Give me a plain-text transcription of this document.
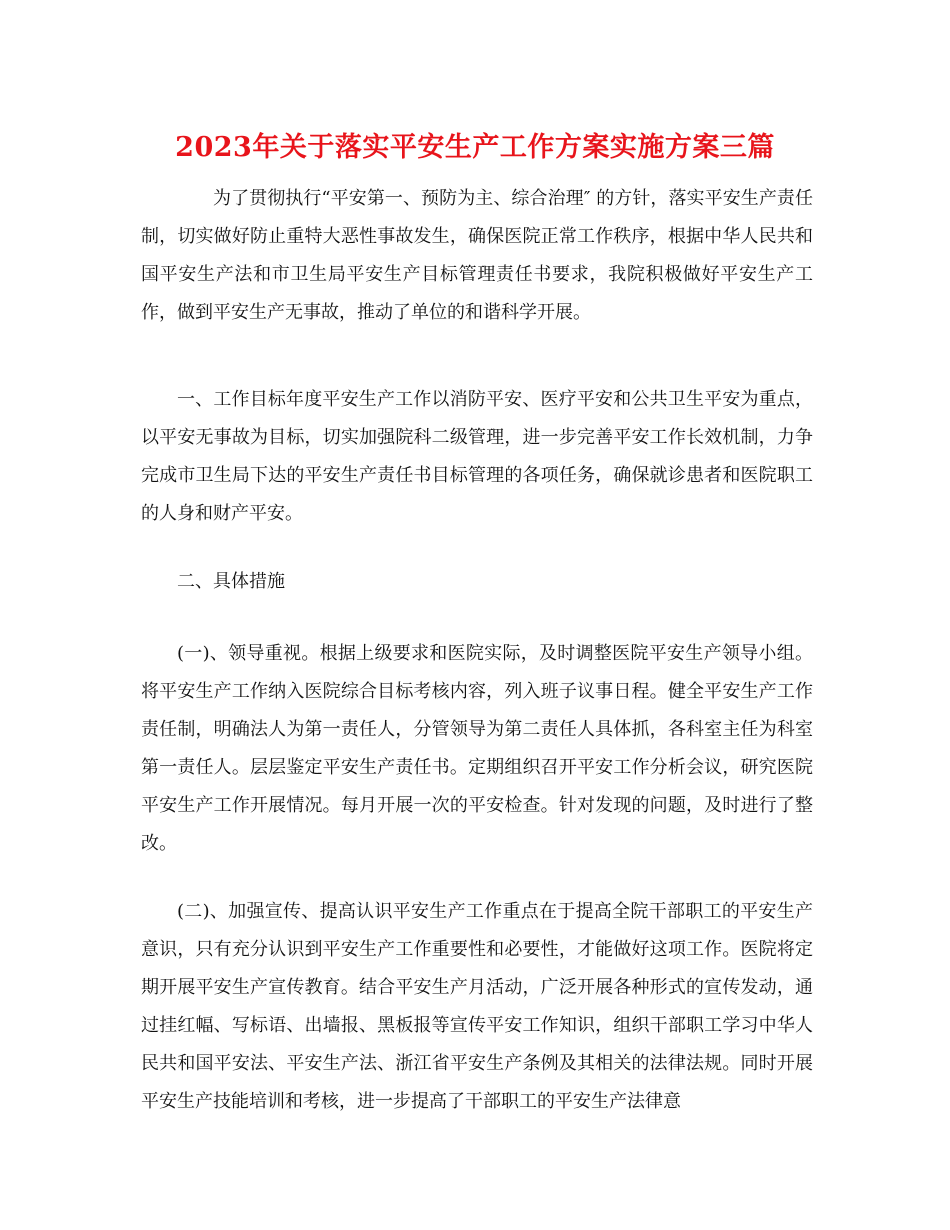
2023年关于落实平安生产工作方案实施方案三篇

为了贯彻执行“平安第一、预防为主、综合治理″ 的方针，落实平安生产责任制，切实做好防止重特大恶性事故发生，确保医院正常工作秩序，根据中华人民共和国平安生产法和市卫生局平安生产目标管理责任书要求，我院积极做好平安生产工作，做到平安生产无事故，推动了单位的和谐科学开展。

一、工作目标年度平安生产工作以消防平安、医疗平安和公共卫生平安为重点，以平安无事故为目标，切实加强院科二级管理，进一步完善平安工作长效机制，力争完成市卫生局下达的平安生产责任书目标管理的各项任务，确保就诊患者和医院职工的人身和财产平安。

二、具体措施

(一)、领导重视。根据上级要求和医院实际，及时调整医院平安生产领导小组。将平安生产工作纳入医院综合目标考核内容，列入班子议事日程。健全平安生产工作责任制，明确法人为第一责任人，分管领导为第二责任人具体抓，各科室主任为科室第一责任人。层层鉴定平安生产责任书。定期组织召开平安工作分析会议，研究医院平安生产工作开展情况。每月开展一次的平安检查。针对发现的问题，及时进行了整改。

(二)、加强宣传、提高认识平安生产工作重点在于提高全院干部职工的平安生产意识，只有充分认识到平安生产工作重要性和必要性，才能做好这项工作。医院将定期开展平安生产宣传教育。结合平安生产月活动，广泛开展各种形式的宣传发动，通过挂红幅、写标语、出墙报、黑板报等宣传平安工作知识，组织干部职工学习中华人民共和国平安法、平安生产法、浙江省平安生产条例及其相关的法律法规。同时开展平安生产技能培训和考核，进一步提高了干部职工的平安生产法律意
